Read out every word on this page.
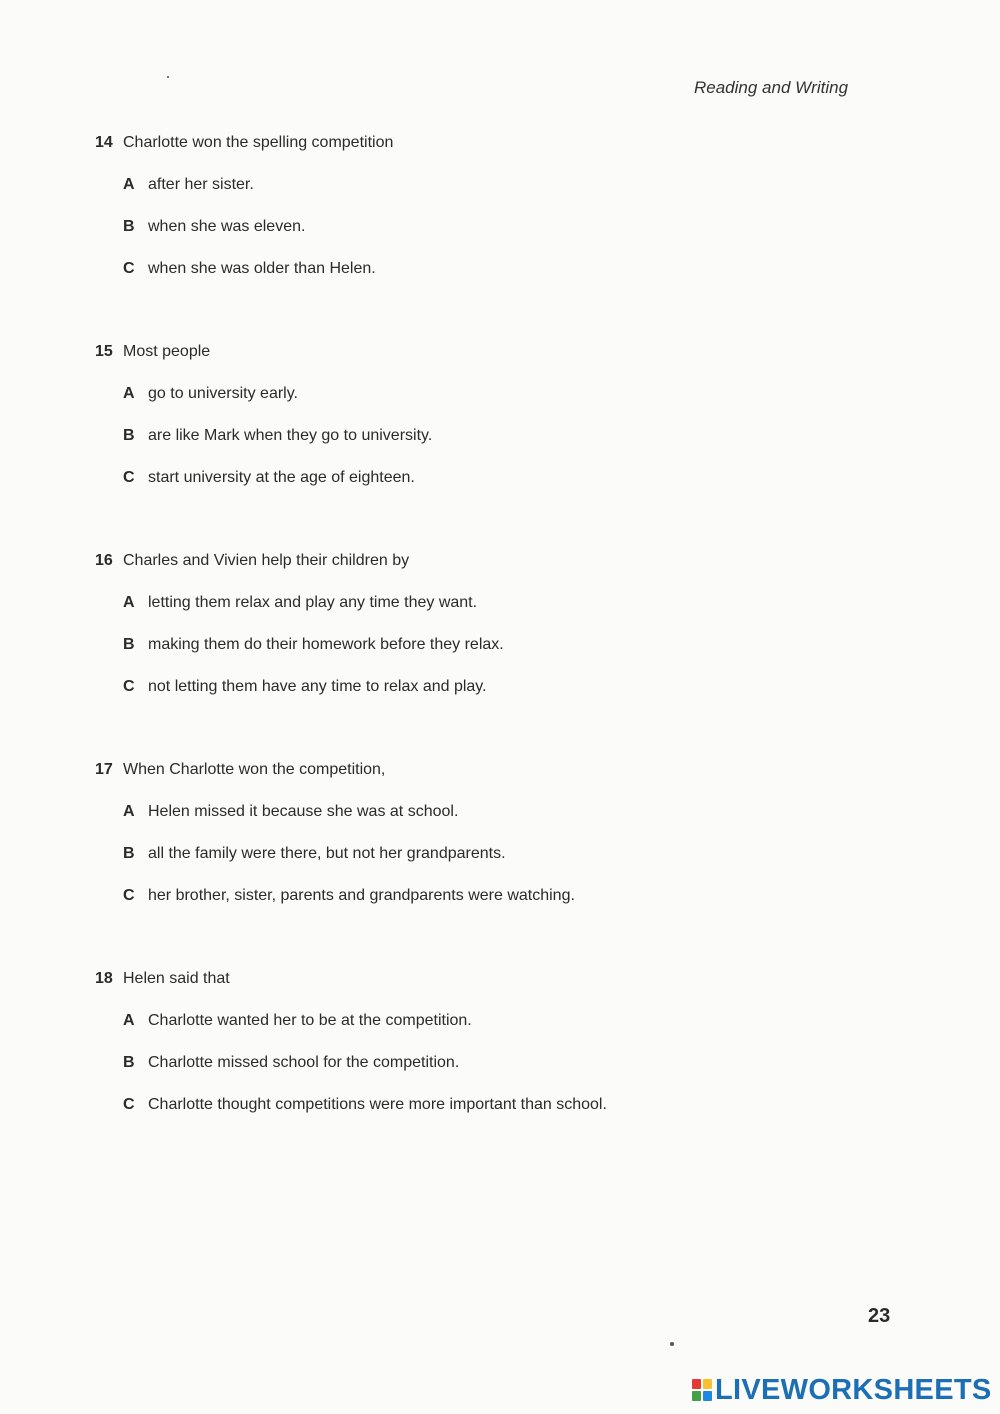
Reading and Writing
14 Charlotte won the spelling competition
A after her sister.
B when she was eleven.
C when she was older than Helen.
15 Most people
A go to university early.
B are like Mark when they go to university.
C start university at the age of eighteen.
16 Charles and Vivien help their children by
A letting them relax and play any time they want.
B making them do their homework before they relax.
C not letting them have any time to relax and play.
17 When Charlotte won the competition,
A Helen missed it because she was at school.
B all the family were there, but not her grandparents.
C her brother, sister, parents and grandparents were watching.
18 Helen said that
A Charlotte wanted her to be at the competition.
B Charlotte missed school for the competition.
C Charlotte thought competitions were more important than school.
23
LIVEWORKSHEETS
